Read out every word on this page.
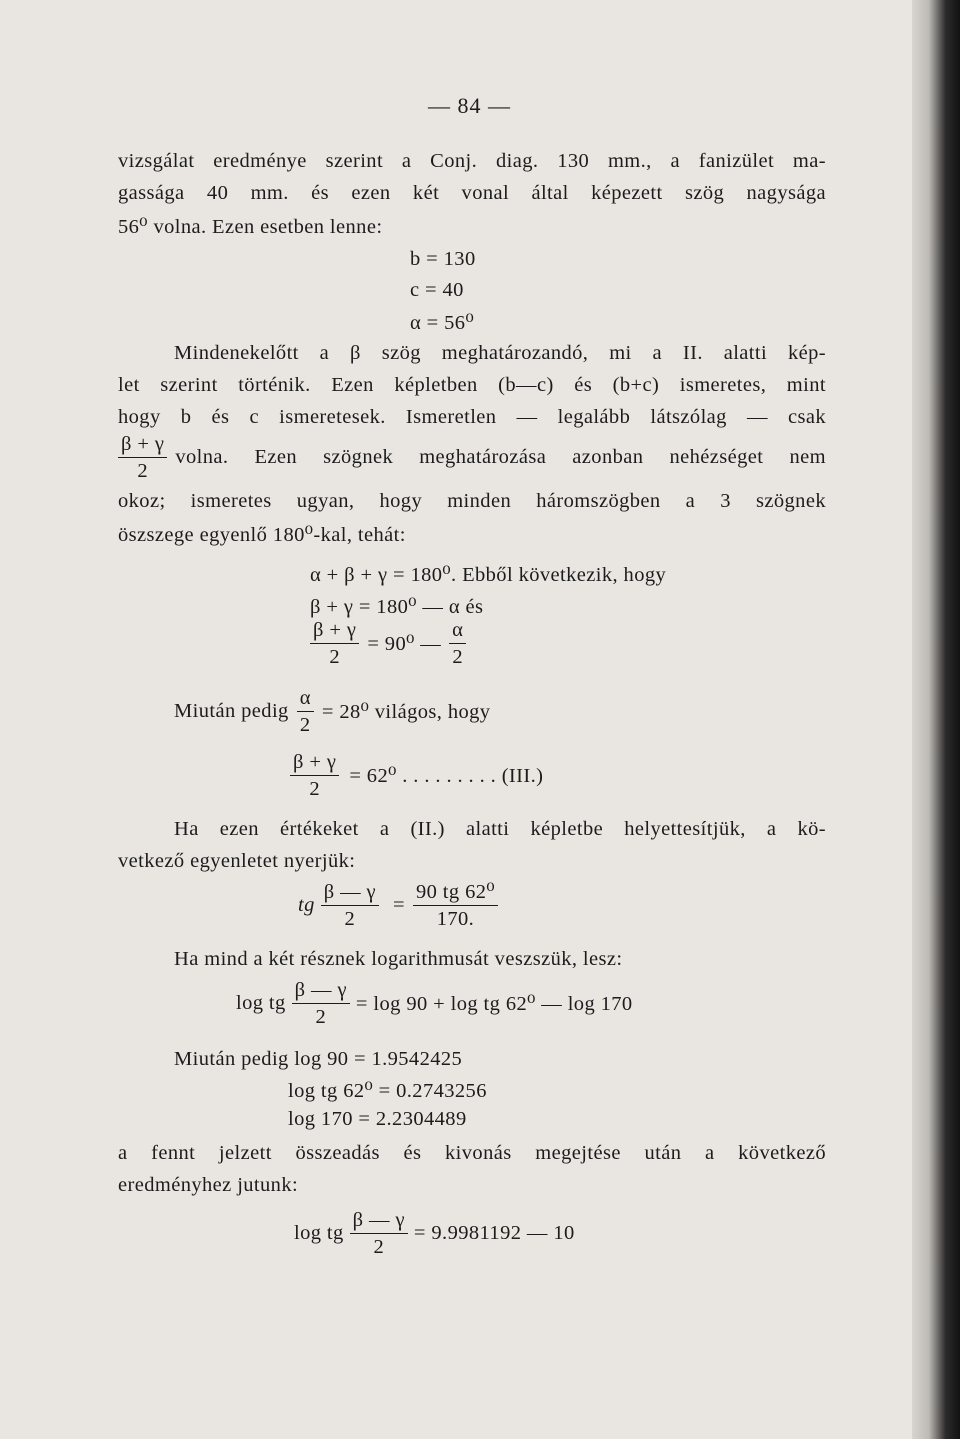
— 84 —
vizsgálat eredménye szerint a Conj. diag. 130 mm., a fanizület ma-
gassága 40 mm. és ezen két vonal által képezett szög nagysága
56⁰ volna. Ezen esetben lenne:
b = 130
c = 40
α = 56⁰
Mindenekelőtt a β szög meghatározandó, mi a II. alatti kép-
let szerint történik. Ezen képletben (b—c) és (b+c) ismeretes, mint
hogy b és c ismeretesek. Ismeretlen — legalább látszólag — csak
$\frac{\beta + \gamma}{2} volna$. Ezen szögnek meghatározása azonban nehézséget nem
okoz; ismeretes ugyan, hogy minden háromszögben a 3 szögnek
öszszege egyenlő 180⁰-kal, tehát:
α + β + γ = 180⁰. Ebből következik, hogy
β + γ = 180⁰ — α és
$\frac{\beta + \gamma}{2} = 90^0$ — $\frac{\alpha}{2}$
Miután pedig $\frac{\alpha}{2} = 28^0$ világos, hogy
$\frac{\beta + \gamma}{2} = 62^0$ . . . . . . . . . (III.)
Ha ezen értékeket a (II.) alatti képletbe helyettesítjük, a kö-
vetkező egyenletet nyerjük:
tg $\frac{\beta — \gamma}{2} = \frac{\text{90 tg 62⁰}}{170.}$
Ha mind a két résznek logarithmusát veszszük, lesz:
log tg $\frac{\beta — \gamma}{2} = \log 90 + \log$ tg 62⁰ — log 170
Miután pedig log 90 = 1.9542425
log tg 62⁰ = 0.2743256
log 170 = 2.2304489
a fennt jelzett összeadás és kivonás megejtése után a következő
eredményhez jutunk:
log tg $\frac{\beta — \gamma}{2} = 9.9981192$ — 10
